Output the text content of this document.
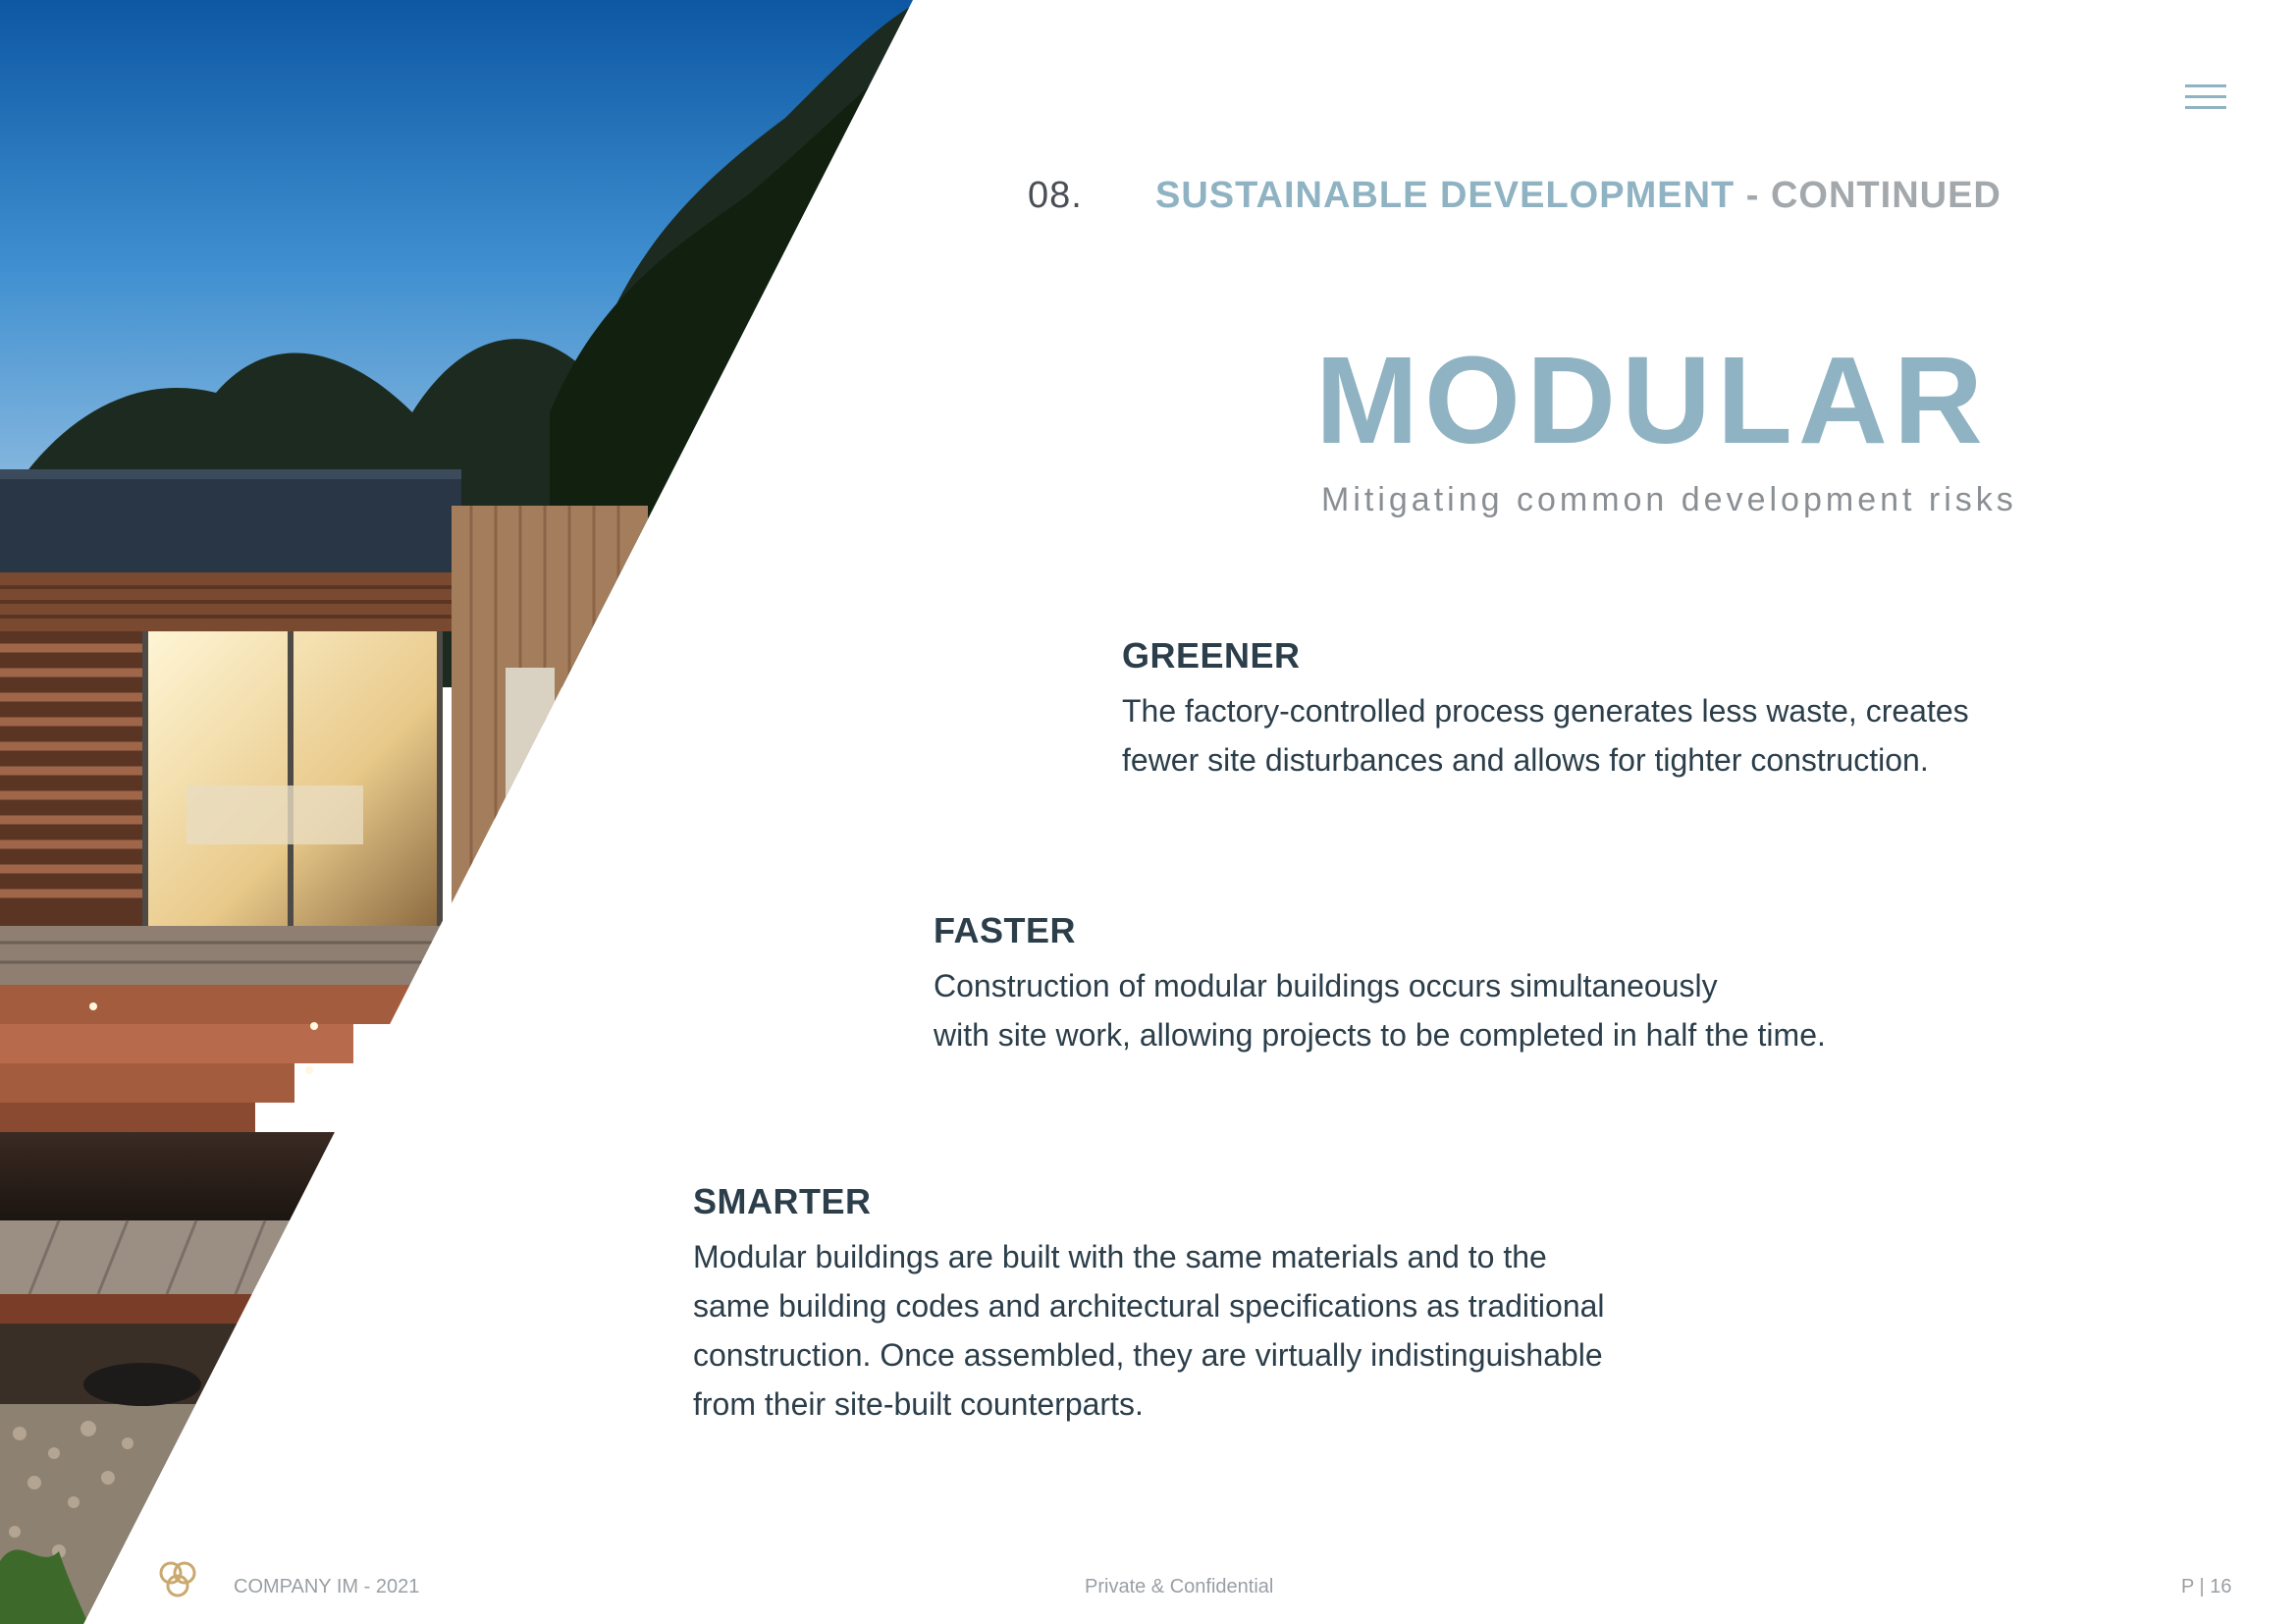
08. SUSTAINABLE DEVELOPMENT - CONTINUED
MODULAR
Mitigating common development risks
GREENER

The factory-controlled process generates less waste, creates
fewer site disturbances and allows for tighter construction.

FASTER

Construction of modular buildings occurs simultaneously
with site work, allowing projects to be completed in half the time.

SMARTER

Modular buildings are built with the same materials and to the
same building codes and architectural specifications as traditional
construction. Once assembled, they are virtually indistinguishable
from their site-built counterparts.

COMPANY IM - 2021	Private & Confidential	P | 16
